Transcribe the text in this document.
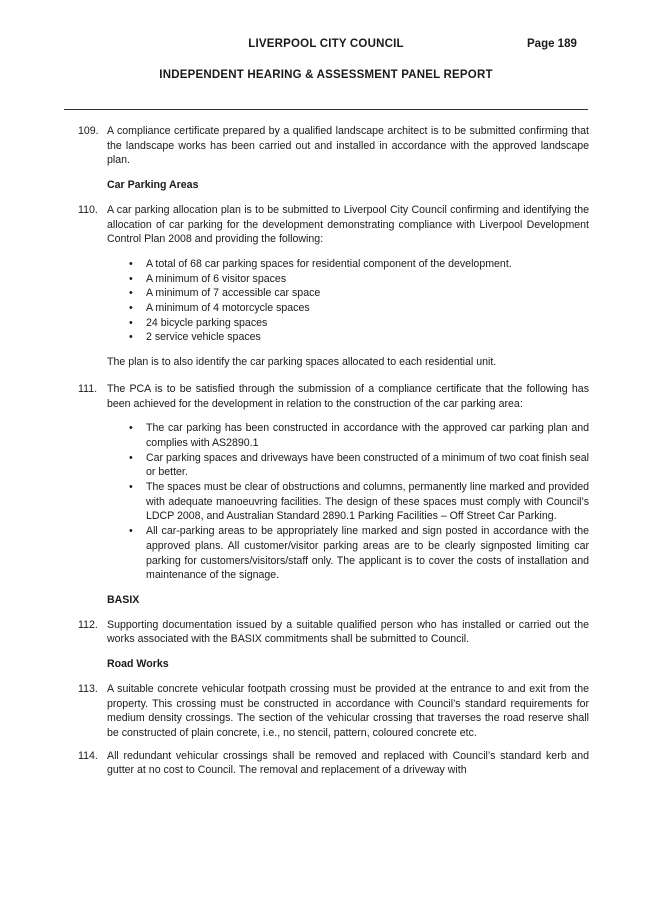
LIVERPOOL CITY COUNCIL	Page 189
INDEPENDENT HEARING & ASSESSMENT PANEL REPORT
109. A compliance certificate prepared by a qualified landscape architect is to be submitted confirming that the landscape works has been carried out and installed in accordance with the approved landscape plan.
Car Parking Areas
110. A car parking allocation plan is to be submitted to Liverpool City Council confirming and identifying the allocation of car parking for the development demonstrating compliance with Liverpool Development Control Plan 2008 and providing the following:
• A total of 68 car parking spaces for residential component of the development.
• A minimum of 6 visitor spaces
• A minimum of 7 accessible car space
• A minimum of 4 motorcycle spaces
• 24 bicycle parking spaces
• 2 service vehicle spaces
The plan is to also identify the car parking spaces allocated to each residential unit.
111. The PCA is to be satisfied through the submission of a compliance certificate that the following has been achieved for the development in relation to the construction of the car parking area:
• The car parking has been constructed in accordance with the approved car parking plan and complies with AS2890.1
• Car parking spaces and driveways have been constructed of a minimum of two coat finish seal or better.
• The spaces must be clear of obstructions and columns, permanently line marked and provided with adequate manoeuvring facilities. The design of these spaces must comply with Council’s LDCP 2008, and Australian Standard 2890.1 Parking Facilities – Off Street Car Parking.
• All car-parking areas to be appropriately line marked and sign posted in accordance with the approved plans. All customer/visitor parking areas are to be clearly signposted limiting car parking for customers/visitors/staff only. The applicant is to cover the costs of installation and maintenance of the signage.
BASIX
112. Supporting documentation issued by a suitable qualified person who has installed or carried out the works associated with the BASIX commitments shall be submitted to Council.
Road Works
113. A suitable concrete vehicular footpath crossing must be provided at the entrance to and exit from the property. This crossing must be constructed in accordance with Council’s standard requirements for medium density crossings. The section of the vehicular crossing that traverses the road reserve shall be constructed of plain concrete, i.e., no stencil, pattern, coloured concrete etc.
114. All redundant vehicular crossings shall be removed and replaced with Council’s standard kerb and gutter at no cost to Council. The removal and replacement of a driveway with
